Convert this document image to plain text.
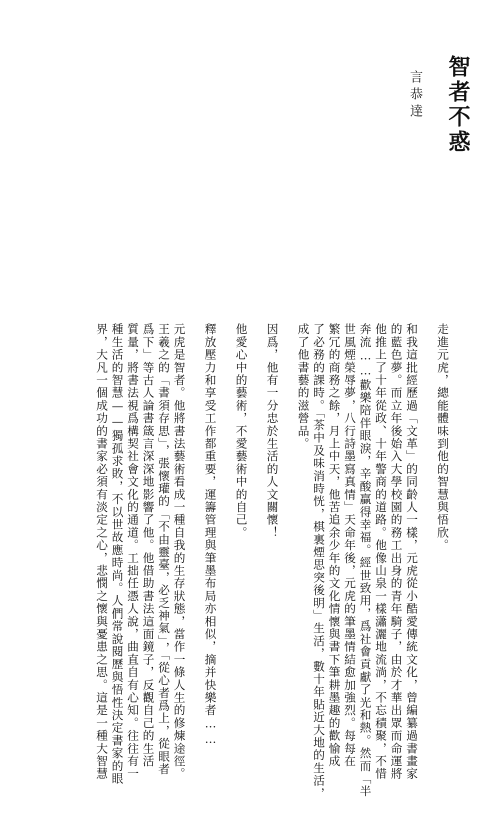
智者不惑
言恭達
走進元虎，總能體味到他的智慧與悟欣。
和我這批經歷過「文革」的同齡人一樣，元虎從小酷愛傳統文化，曾編纂過書畫家
的藍色夢。而立年後始入大學校園的務工出身的青年騎子，由於才華出眾而命運將
他推上了十年從政、十年警商的道路。他像山泉一樣瀟灑地流淌，不忘積聚，不惜
奔流……歡樂陪伴眼淚，辛酸贏得幸福。經世致用，爲社會貢獻了光和熱。然而「半
世風煙榮辱夢，八行詩墨寫真情」天命年後，元虎的筆墨情結愈加強烈。每每在
繁冗的商務之餘，月上中天，他苦追余少年的文化情懷與書下筆耕墨趣的歡愉成
了必務的課時。「茶中及味消時恍，棋裏煙思突後明」生活，數十年貼近大地的生活，
成了他書藝的滋營品。
因爲，他有一分忠於生活的人文關懷！
他愛心中的藝術，不愛藝術中的自己。
釋放壓力和享受工作都重要，運籌管理與筆墨布局亦相似，摘并快樂者……
元虎是智者。他將書法藝術看成一種自我的生存狀態，當作一條人生的修煉途徑。
王羲之的「書須存思」，張懷瓘的「不由靈臺，必乏神氣」，「從心者爲上，從眼者
爲下」等古人論書箴言深深地影響了他。他借助書法這面鏡子，反觀自己的生活
質量，將書法視爲構契社會文化的通道。工拙任憑人說，曲直自有心知。往往有一
種生活的智慧——獨孤求敗，不以世故應時尚。人們常說閱歷與悟性決定書家的眼
界，大凡一個成功的書家必須有淡定之心，悲憫之懷與憂患之思。這是一種大智慧
